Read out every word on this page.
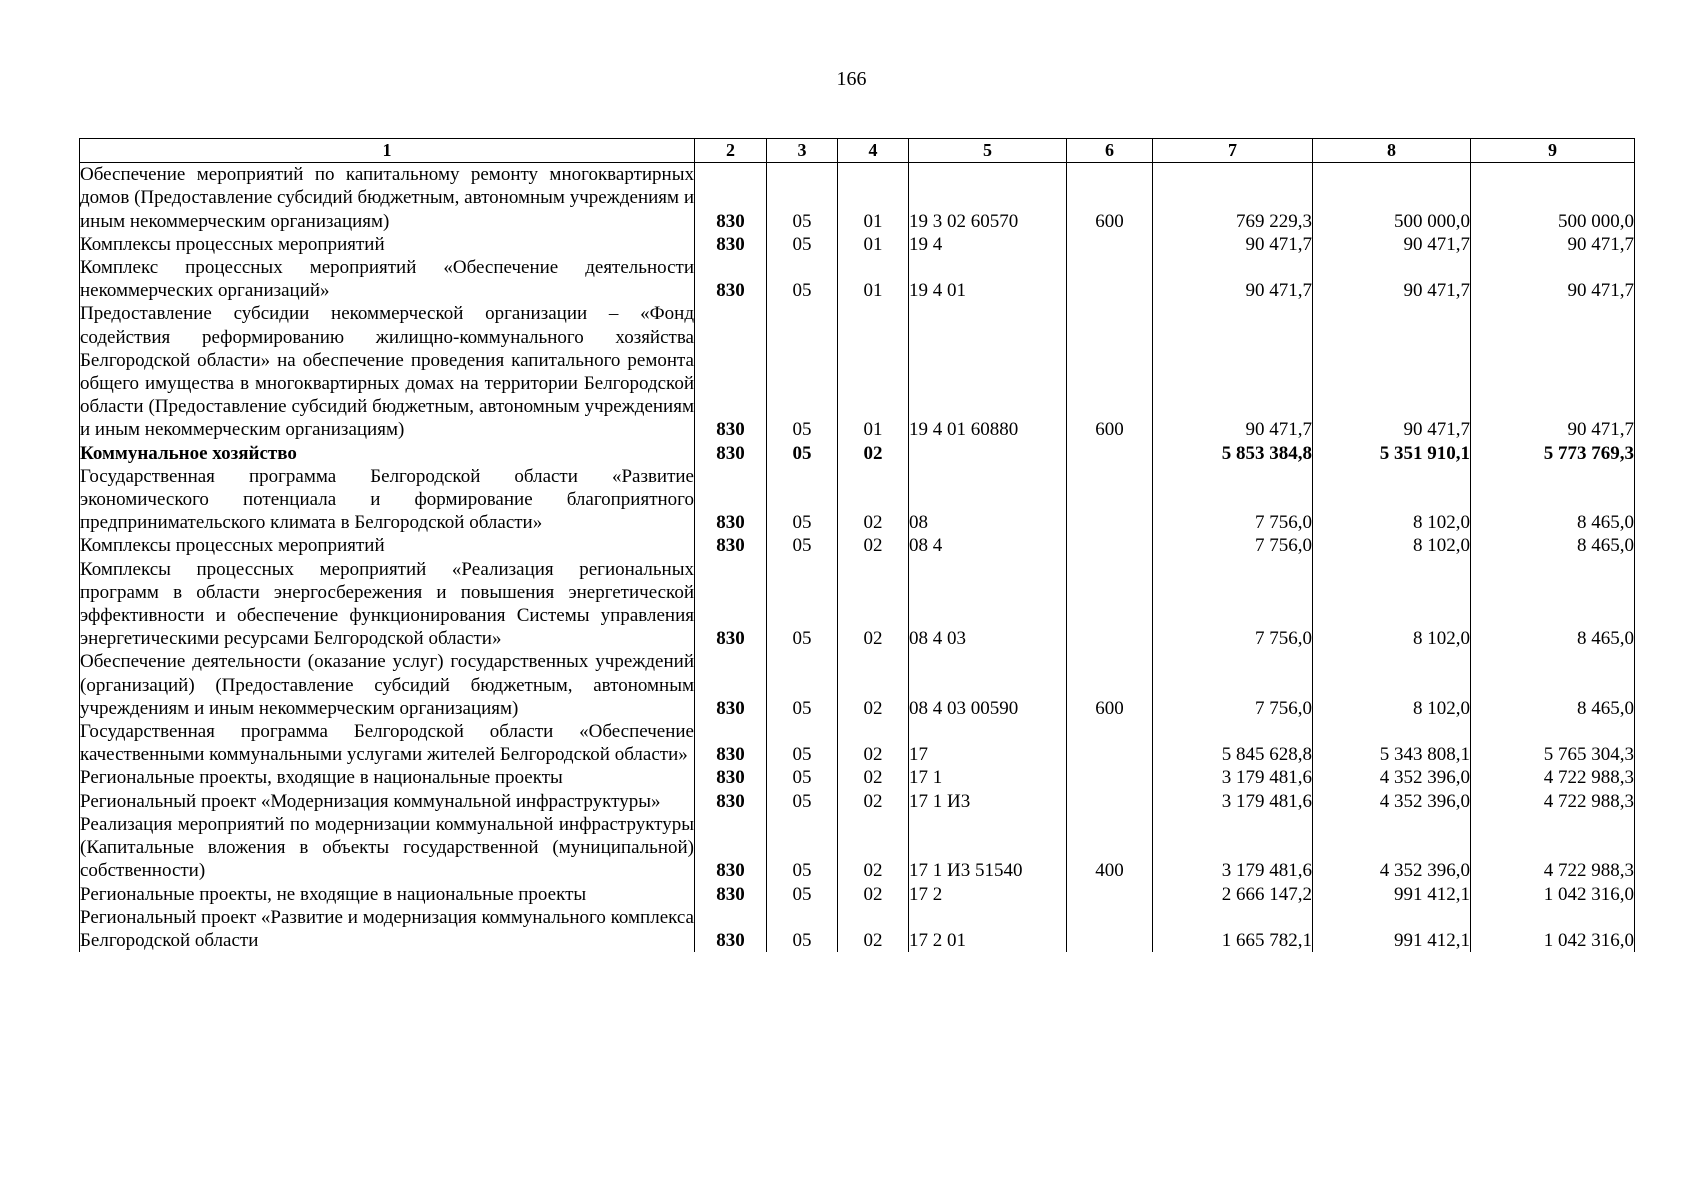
166
1	2	3	4	5	6	7	8	9
Обеспечение мероприятий по капитальному ремонту многоквартирных домов (Предоставление субсидий бюджетным, автономным учреждениям и иным некоммерческим организациям)	830	05	01	19 3 02 60570	600	769 229,3	500 000,0	500 000,0
Комплексы процессных мероприятий	830	05	01	19 4		90 471,7	90 471,7	90 471,7
Комплекс процессных мероприятий «Обеспечение деятельности некоммерческих организаций»	830	05	01	19 4 01		90 471,7	90 471,7	90 471,7
Предоставление субсидии некоммерческой организации – «Фонд содействия реформированию жилищно-коммунального хозяйства Белгородской области» на обеспечение проведения капитального ремонта общего имущества в многоквартирных домах на территории Белгородской области (Предоставление субсидий бюджетным, автономным учреждениям и иным некоммерческим организациям)	830	05	01	19 4 01 60880	600	90 471,7	90 471,7	90 471,7
Коммунальное хозяйство	830	05	02			5 853 384,8	5 351 910,1	5 773 769,3
Государственная программа Белгородской области «Развитие экономического потенциала и формирование благоприятного предпринимательского климата в Белгородской области»	830	05	02	08		7 756,0	8 102,0	8 465,0
Комплексы процессных мероприятий	830	05	02	08 4		7 756,0	8 102,0	8 465,0
Комплексы процессных мероприятий «Реализация региональных программ в области энергосбережения и повышения энергетической эффективности и обеспечение функционирования Системы управления энергетическими ресурсами Белгородской области»	830	05	02	08 4 03		7 756,0	8 102,0	8 465,0
Обеспечение деятельности (оказание услуг) государственных учреждений (организаций) (Предоставление субсидий бюджетным, автономным учреждениям и иным некоммерческим организациям)	830	05	02	08 4 03 00590	600	7 756,0	8 102,0	8 465,0
Государственная программа Белгородской области «Обеспечение качественными коммунальными услугами жителей Белгородской области»	830	05	02	17		5 845 628,8	5 343 808,1	5 765 304,3
Региональные проекты, входящие в национальные проекты	830	05	02	17 1		3 179 481,6	4 352 396,0	4 722 988,3
Региональный проект «Модернизация коммунальной инфраструктуры»	830	05	02	17 1 И3		3 179 481,6	4 352 396,0	4 722 988,3
Реализация мероприятий по модернизации коммунальной инфраструктуры (Капитальные вложения в объекты государственной (муниципальной) собственности)	830	05	02	17 1 И3 51540	400	3 179 481,6	4 352 396,0	4 722 988,3
Региональные проекты, не входящие в национальные проекты	830	05	02	17 2		2 666 147,2	991 412,1	1 042 316,0
Региональный проект «Развитие и модернизация коммунального комплекса Белгородской области	830	05	02	17 2 01		1 665 782,1	991 412,1	1 042 316,0
